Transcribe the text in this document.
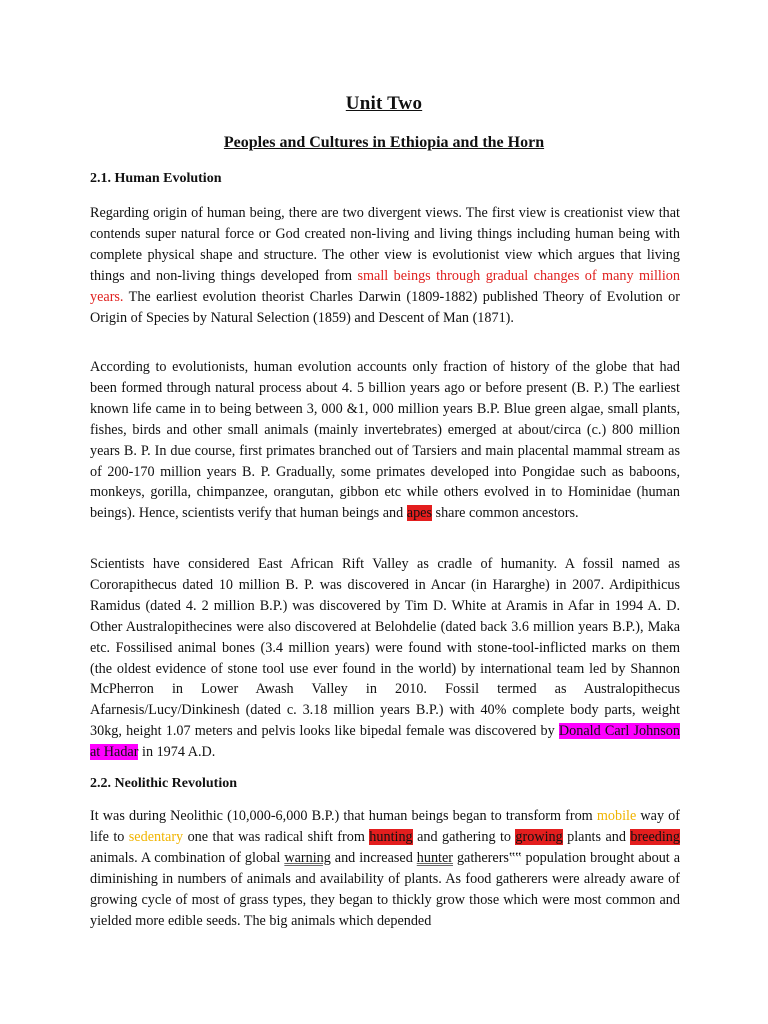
Unit Two
Peoples and Cultures in Ethiopia and the Horn
2.1. Human Evolution
Regarding origin of human being, there are two divergent views. The first view is creationist view that contends super natural force or God created non-living and living things including human being with complete physical shape and structure. The other view is evolutionist view which argues that living things and non-living things developed from small beings through gradual changes of many million years. The earliest evolution theorist Charles Darwin (1809-1882) published Theory of Evolution or Origin of Species by Natural Selection (1859) and Descent of Man (1871).
According to evolutionists, human evolution accounts only fraction of history of the globe that had been formed through natural process about 4. 5 billion years ago or before present (B. P.) The earliest known life came in to being between 3, 000 &1, 000 million years B.P. Blue green algae, small plants, fishes, birds and other small animals (mainly invertebrates) emerged at about/circa (c.) 800 million years B. P. In due course, first primates branched out of Tarsiers and main placental mammal stream as of 200-170 million years B. P. Gradually, some primates developed into Pongidae such as baboons, monkeys, gorilla, chimpanzee, orangutan, gibbon etc while others evolved in to Hominidae (human beings). Hence, scientists verify that human beings and apes share common ancestors.
Scientists have considered East African Rift Valley as cradle of humanity. A fossil named as Cororapithecus dated 10 million B. P. was discovered in Ancar (in Hararghe) in 2007. Ardipithicus Ramidus (dated 4. 2 million B.P.) was discovered by Tim D. White at Aramis in Afar in 1994 A. D. Other Australopithecines were also discovered at Belohdelie (dated back 3.6 million years B.P.), Maka etc. Fossilised animal bones (3.4 million years) were found with stone-tool-inflicted marks on them (the oldest evidence of stone tool use ever found in the world) by international team led by Shannon McPherron in Lower Awash Valley in 2010. Fossil termed as Australopithecus Afarnesis/Lucy/Dinkinesh (dated c. 3.18 million years B.P.) with 40% complete body parts, weight 30kg, height 1.07 meters and pelvis looks like bipedal female was discovered by Donald Carl Johnson at Hadar in 1974 A.D.
2.2. Neolithic Revolution
It was during Neolithic (10,000-6,000 B.P.) that human beings began to transform from mobile way of life to sedentary one that was radical shift from hunting and gathering to growing plants and breeding animals. A combination of global warning and increased hunter gatherers‟‟ population brought about a diminishing in numbers of animals and availability of plants. As food gatherers were already aware of growing cycle of most of grass types, they began to thickly grow those which were most common and yielded more edible seeds. The big animals which depended
